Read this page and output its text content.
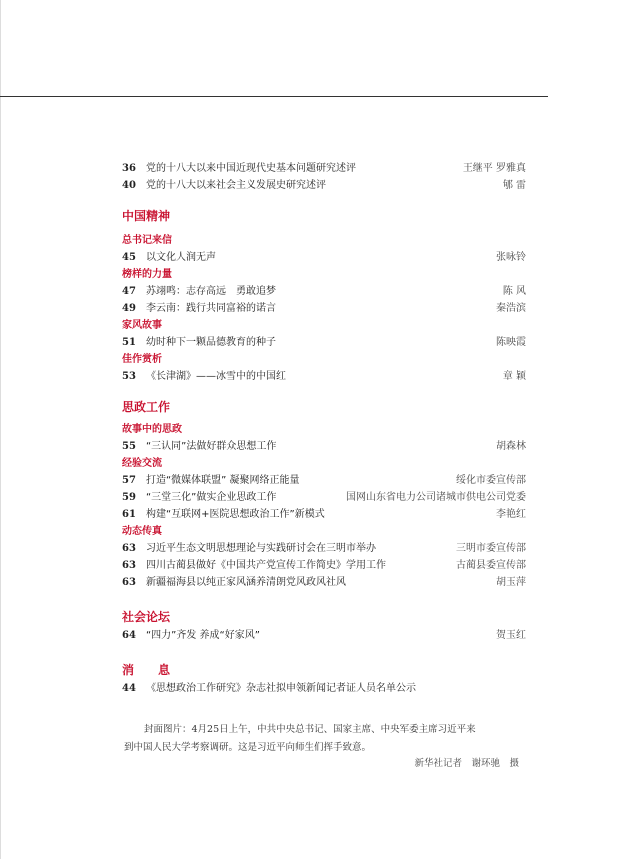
36 党的十八大以来中国近现代史基本问题研究述评	王继平 罗雅真
40 党的十八大以来社会主义发展史研究述评	郇 雷
中国精神
总书记来信
45 以文化人润无声	张咏铃
榜样的力量
47 苏翊鸣：志存高远　勇敢追梦	陈 风
49 李云南：践行共同富裕的诺言	秦浩滨
家风故事
51 幼时种下一颗品德教育的种子	陈映霞
佳作赏析
53 《长津湖》——冰雪中的中国红	章 颖
思政工作
故事中的思政
55 “三认同”法做好群众思想工作	胡森林
经验交流
57 打造“微媒体联盟” 凝聚网络正能量	绥化市委宣传部
59 “三堂三化”做实企业思政工作	国网山东省电力公司诸城市供电公司党委
61 构建“互联网+医院思想政治工作”新模式	李艳红
动态传真
63 习近平生态文明思想理论与实践研讨会在三明市举办	三明市委宣传部
63 四川古蔺县做好《中国共产党宣传工作简史》学用工作	古蔺县委宣传部
63 新疆福海县以纯正家风涵养清朗党风政风社风	胡玉萍
社会论坛
64 “四力”齐发 养成“好家风”	贺玉红
消　　息
44 《思想政治工作研究》杂志社拟申领新闻记者证人员名单公示
封面图片：4月25日上午，中共中央总书记、国家主席、中央军委主席习近平来
到中国人民大学考察调研。这是习近平向师生们挥手致意。
新华社记者　谢环驰　摄
